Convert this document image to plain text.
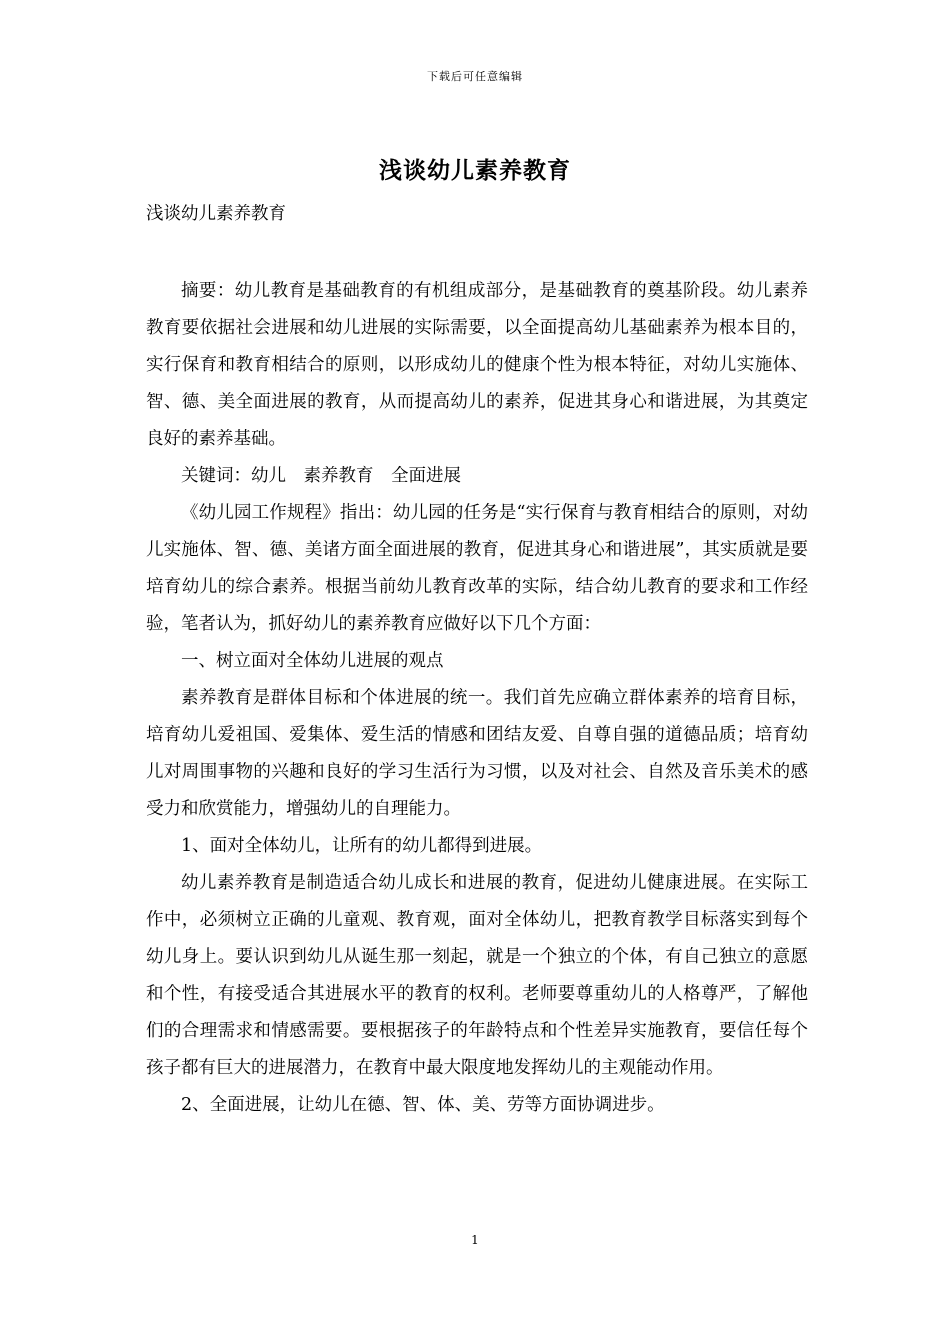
下载后可任意编辑
浅谈幼儿素养教育
浅谈幼儿素养教育

摘要：幼儿教育是基础教育的有机组成部分，是基础教育的奠基阶段。幼儿素养教育要依据社会进展和幼儿进展的实际需要，以全面提高幼儿基础素养为根本目的，实行保育和教育相结合的原则，以形成幼儿的健康个性为根本特征，对幼儿实施体、智、德、美全面进展的教育，从而提高幼儿的素养，促进其身心和谐进展，为其奠定良好的素养基础。

关键词：幼儿　素养教育　全面进展

《幼儿园工作规程》指出：幼儿园的任务是“实行保育与教育相结合的原则，对幼儿实施体、智、德、美诸方面全面进展的教育，促进其身心和谐进展”，其实质就是要培育幼儿的综合素养。根据当前幼儿教育改革的实际，结合幼儿教育的要求和工作经验，笔者认为，抓好幼儿的素养教育应做好以下几个方面：

一、树立面对全体幼儿进展的观点

素养教育是群体目标和个体进展的统一。我们首先应确立群体素养的培育目标，培育幼儿爱祖国、爱集体、爱生活的情感和团结友爱、自尊自强的道德品质；培育幼儿对周围事物的兴趣和良好的学习生活行为习惯，以及对社会、自然及音乐美术的感受力和欣赏能力，增强幼儿的自理能力。

1、面对全体幼儿，让所有的幼儿都得到进展。

幼儿素养教育是制造适合幼儿成长和进展的教育，促进幼儿健康进展。在实际工作中，必须树立正确的儿童观、教育观，面对全体幼儿，把教育教学目标落实到每个幼儿身上。要认识到幼儿从诞生那一刻起，就是一个独立的个体，有自己独立的意愿和个性，有接受适合其进展水平的教育的权利。老师要尊重幼儿的人格尊严，了解他们的合理需求和情感需要。要根据孩子的年龄特点和个性差异实施教育，要信任每个孩子都有巨大的进展潜力，在教育中最大限度地发挥幼儿的主观能动作用。

2、全面进展，让幼儿在德、智、体、美、劳等方面协调进步。

1
